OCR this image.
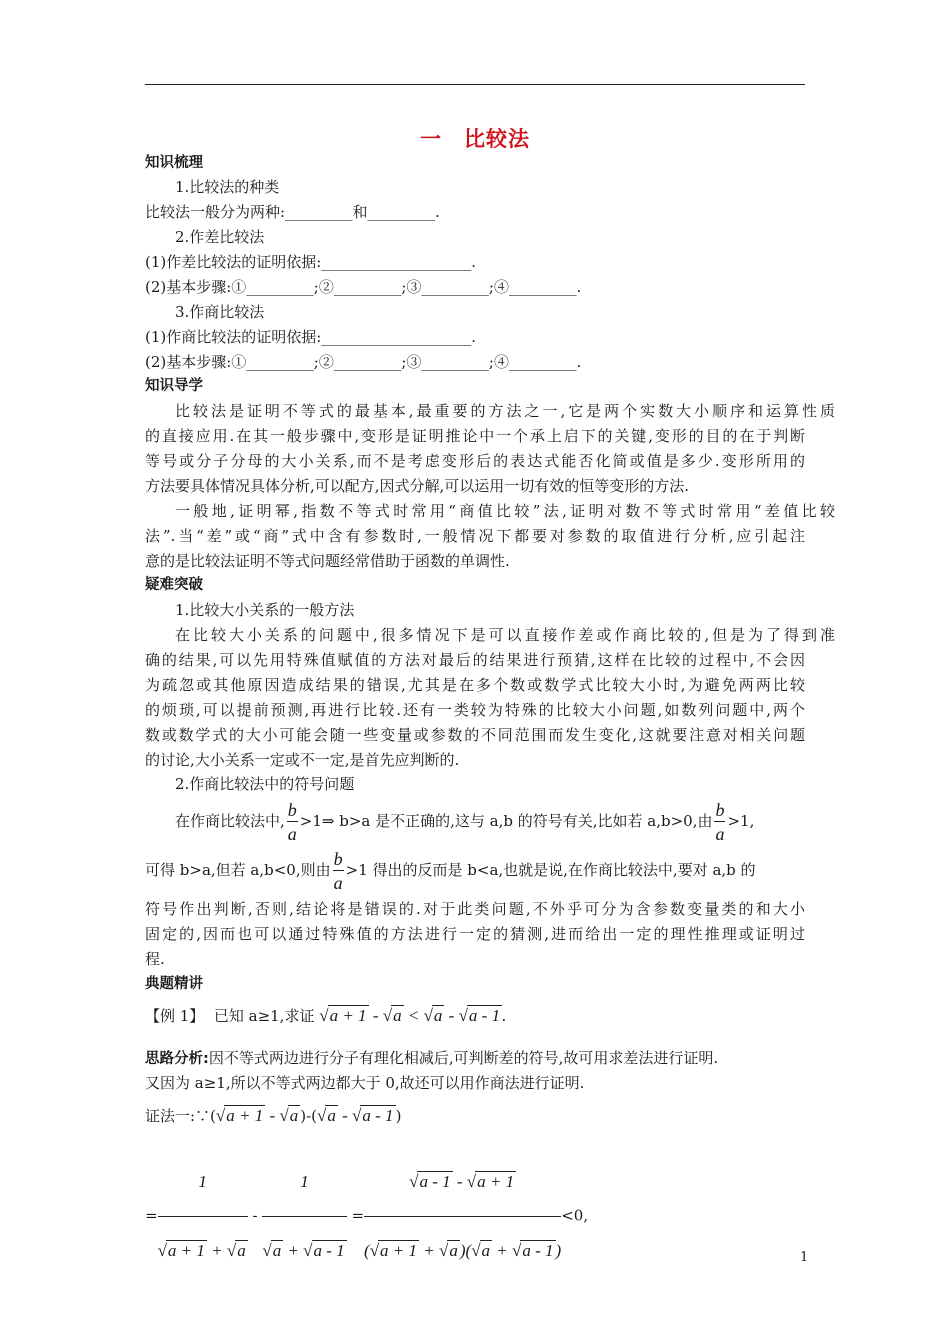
一　比较法
知识梳理
1.比较法的种类
比较法一般分为两种:_________和_________.
2.作差比较法
(1)作差比较法的证明依据:____________________.
(2)基本步骤:①_________;②_________;③_________;④_________.
3.作商比较法
(1)作商比较法的证明依据:____________________.
(2)基本步骤:①_________;②_________;③_________;④_________.
知识导学
比较法是证明不等式的最基本,最重要的方法之一,它是两个实数大小顺序和运算性质
的直接应用.在其一般步骤中,变形是证明推论中一个承上启下的关键,变形的目的在于判断
等号或分子分母的大小关系,而不是考虑变形后的表达式能否化简或值是多少.变形所用的
方法要具体情况具体分析,可以配方,因式分解,可以运用一切有效的恒等变形的方法.
一般地,证明幂,指数不等式时常用“商值比较”法,证明对数不等式时常用“差值比较
法”.当“差”或“商”式中含有参数时,一般情况下都要对参数的取值进行分析,应引起注
意的是比较法证明不等式问题经常借助于函数的单调性.
疑难突破
1.比较大小关系的一般方法
在比较大小关系的问题中,很多情况下是可以直接作差或作商比较的,但是为了得到准
确的结果,可以先用特殊值赋值的方法对最后的结果进行预猜,这样在比较的过程中,不会因
为疏忽或其他原因造成结果的错误,尤其是在多个数或数学式比较大小时,为避免两两比较
的烦琐,可以提前预测,再进行比较.还有一类较为特殊的比较大小问题,如数列问题中,两个
数或数学式的大小可能会随一些变量或参数的不同范围而发生变化,这就要注意对相关问题
的讨论,大小关系一定或不一定,是首先应判断的.
2.作商比较法中的符号问题
在作商比较法中, $\frac{b}{a}$ >1⇒ b>a 是不正确的,这与 a,b 的符号有关,比如若 a,b>0,由 $\frac{b}{a} >1$,
可得 b>a,但若 a,b<0,则由 $\frac{b}{a} >1$ 得出的反而是 b<a,也就是说,在作商比较法中,要对 a,b 的
符号作出判断,否则,结论将是错误的.对于此类问题,不外乎可分为含参数变量类的和大小
固定的,因而也可以通过特殊值的方法进行一定的猜测,进而给出一定的理性推理或证明过
程.
典题精讲
【例 1】 已知 a≥1,求证 √a + 1 - √a < √a - √a - 1 .
思路分析:因不等式两边进行分子有理化相减后,可判断差的符号,故可用求差法进行证明.
又因为 a≥1,所以不等式两边都大于 0,故还可以用作商法进行证明.
证法一:∵(√a + 1 - √a )-(√a - √a - 1 )
= $\frac{1}{√a + 1 + √a} - \frac{1}{√a + √a - 1} = \frac{√a - 1 - √a + 1}{(√a + 1 + √a )(√a + √a - 1 )} <0$,
1
